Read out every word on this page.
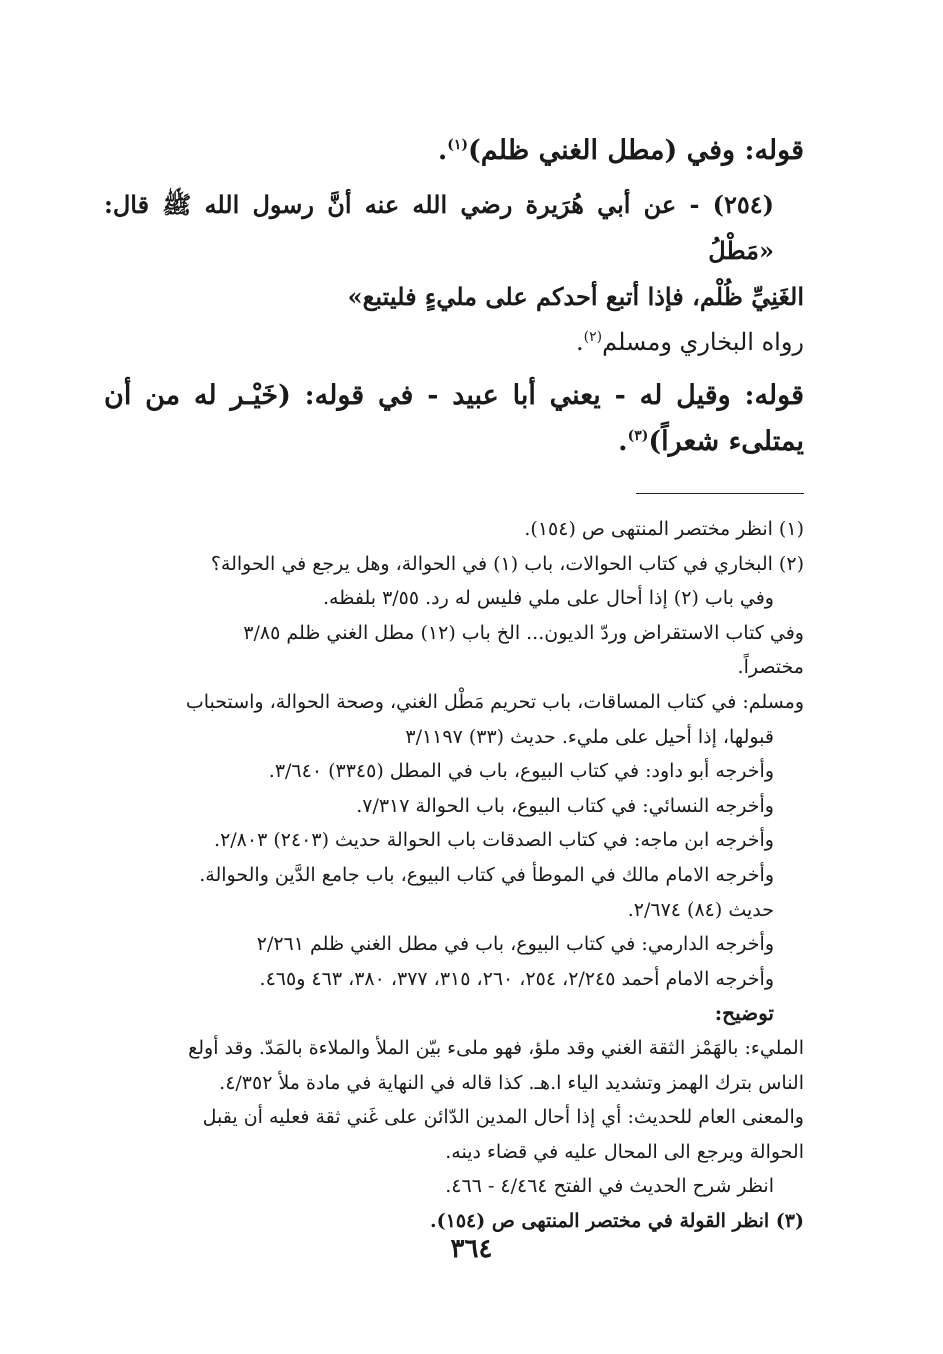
قوله: وفي (مطل الغني ظلم)$^{(١)}$.

(٢٥٤) - عن أبي هُرَيرة رضي الله عنه أنَّ رسول الله ﷺ قال: «مَطْلُ

الغَنِيِّ ظُلْم، فإذا أتبع أحدكم على مليءٍ فليتبع»

رواه البخاري ومسلم$^{(٢)}$.

قوله: وقيل له - يعني أبا عبيد - في قوله: (خَيْـر له من أن

يمتلىء شعراً)$^{(٣)}$.

(١) انظر مختصر المنتهى ص (١٥٤).

(٢) البخاري في كتاب الحوالات، باب (١) في الحوالة، وهل يرجع في الحوالة؟

وفي باب (٢) إذا أحال على ملي فليس له رد. ٣/٥٥ بلفظه.

وفي كتاب الاستقراض وردّ الديون... الخ باب (١٢) مطل الغني ظلم ٣/٨٥

مختصراً.

ومسلم: في كتاب المساقات، باب تحريم مَطْل الغني، وصحة الحوالة، واستحباب

قبولها، إذا أحيل على مليء. حديث (٣٣) ٣/١١٩٧

وأخرجه أبو داود: في كتاب البيوع، باب في المطل (٣٣٤٥) ٣/٦٤٠.

وأخرجه النسائي: في كتاب البيوع، باب الحوالة ٧/٣١٧.

وأخرجه ابن ماجه: في كتاب الصدقات باب الحوالة حديث (٢٤٠٣) ٢/٨٠٣.

وأخرجه الامام مالك في الموطأ في كتاب البيوع، باب جامع الدَّين والحوالة.

حديث (٨٤) ٢/٦٧٤.

وأخرجه الدارمي: في كتاب البيوع، باب في مطل الغني ظلم ٢/٢٦١

وأخرجه الامام أحمد ٢/٢٤٥، ٢٥٤، ٢٦٠، ٣١٥، ٣٧٧، ٣٨٠، ٤٦٣ و٤٦٥.

توضيح:

المليء: بالهَمْز الثقة الغني وقد ملؤ، فهو ملىء بيّن الملأ والملاءة بالمَدّ. وقد أولع

الناس بترك الهمز وتشديد الياء ا.هـ. كذا قاله في النهاية في مادة ملأ ٤/٣٥٢.

والمعنى العام للحديث: أي إذا أحال المدين الدّائن على غَني ثقة فعليه أن يقبل

الحوالة ويرجع الى المحال عليه في قضاء دينه.

انظر شرح الحديث في الفتح ٤/٤٦٤ - ٤٦٦.

(٣) انظر القولة في مختصر المنتهى ص (١٥٤).

٣٦٤
